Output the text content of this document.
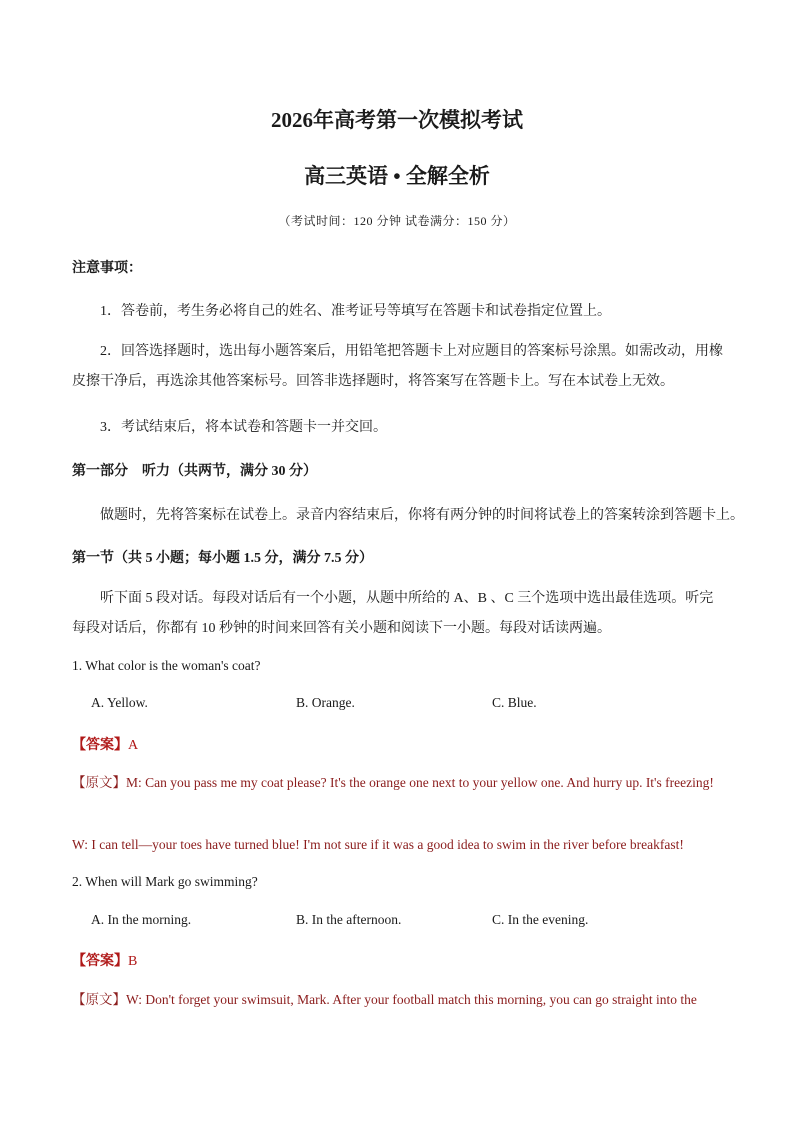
2026年高考第一次模拟考试
高三英语 • 全解全析
（考试时间：120 分钟 试卷满分：150 分）
注意事项：
1．答卷前，考生务必将自己的姓名、准考证号等填写在答题卡和试卷指定位置上。
2．回答选择题时，选出每小题答案后，用铅笔把答题卡上对应题目的答案标号涂黑。如需改动，用橡皮擦干净后，再选涂其他答案标号。回答非选择题时，将答案写在答题卡上。写在本试卷上无效。
3．考试结束后，将本试卷和答题卡一并交回。
第一部分　听力（共两节，满分 30 分）
做题时，先将答案标在试卷上。录音内容结束后，你将有两分钟的时间将试卷上的答案转涂到答题卡上。
第一节（共 5 小题；每小题 1.5 分，满分 7.5 分）
听下面 5 段对话。每段对话后有一个小题，从题中所给的 A、B 、C 三个选项中选出最佳选项。听完每段对话后，你都有 10 秒钟的时间来回答有关小题和阅读下一小题。每段对话读两遍。
1. What color is the woman's coat?
A. Yellow.	B. Orange.	C. Blue.
【答案】A
【原文】M: Can you pass me my coat please? It's the orange one next to your yellow one. And hurry up. It's freezing!
W: I can tell—your toes have turned blue! I'm not sure if it was a good idea to swim in the river before breakfast!
2. When will Mark go swimming?
A. In the morning.	B. In the afternoon.	C. In the evening.
【答案】B
【原文】W: Don't forget your swimsuit, Mark. After your football match this morning, you can go straight into the
